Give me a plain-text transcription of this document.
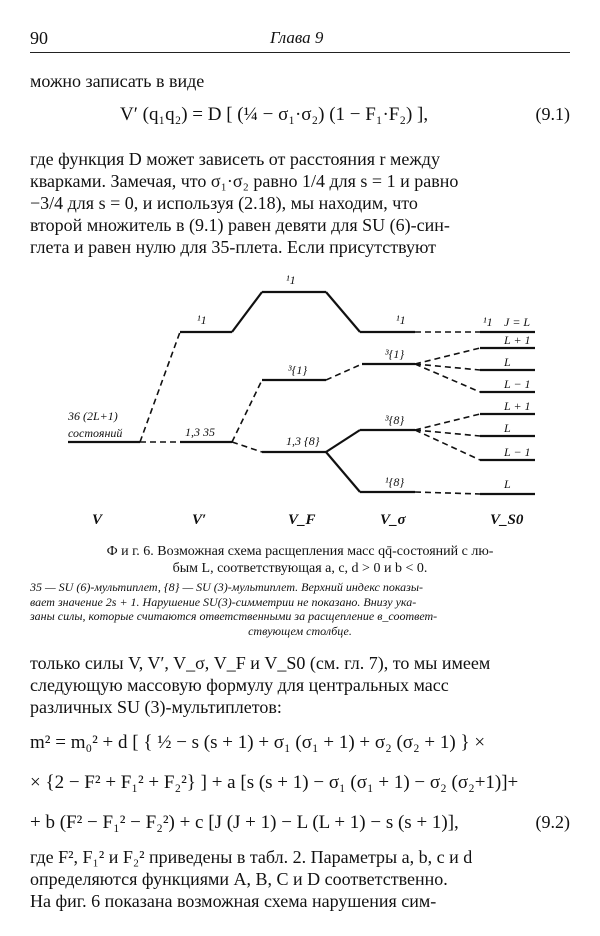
90	Глава 9
можно записать в виде
V′ (q₁q₂) = D [ (¼ − σ₁·σ₂) (1 − F₁·F₂) ],	(9.1)
где функция D может зависеть от расстояния r между
кварками. Замечая, что σ₁·σ₂ равно 1/4 для s = 1 и равно
−3/4 для s = 0, и используя (2.18), мы находим, что
второй множитель в (9.1) равен девяти для SU (6)-син-
глета и равен нулю для 35-плета. Если присутствуют
36 (2L+1)
состояний
¹1
¹1
1,3 35
¹1
³{1}
1,3 {8}
¹1
³{1}
³{8}
¹{8}
J = L
L + 1
L
L − 1
L + 1
L
L − 1
L
V	V′	V_F	V_σ	V_S0
Ф и г. 6. Возможная схема расщепления масс qq̄-состояний с лю-
бым L, соответствующая a, c, d > 0 и b < 0.
35 — SU (6)-мультиплет, {8} — SU (3)-мультиплет. Верхний индекс показы-
вает значение 2s + 1. Нарушение SU(3)-симметрии не показано. Внизу ука-
заны силы, которые считаются ответственными за расщепление в_соответ-
ствующем столбце.
только силы V, V′, V_σ, V_F и V_S0 (см. гл. 7), то мы имеем
следующую массовую формулу для центральных масс
различных SU (3)-мультиплетов:
m² = m₀² + d [ { ½ − s (s + 1) + σ₁ (σ₁ + 1) + σ₂ (σ₂ + 1) } ×
× {2 − F² + F₁² + F₂²} ] + a [s (s + 1) − σ₁ (σ₁ + 1) − σ₂ (σ₂+1)]+
+ b (F² − F₁² − F₂²) + c [J (J + 1) − L (L + 1) − s (s + 1)],	(9.2)
где F², F₁² и F₂² приведены в табл. 2. Параметры a, b, c и d
определяются функциями A, B, C и D соответственно.
На фиг. 6 показана возможная схема нарушения сим-
